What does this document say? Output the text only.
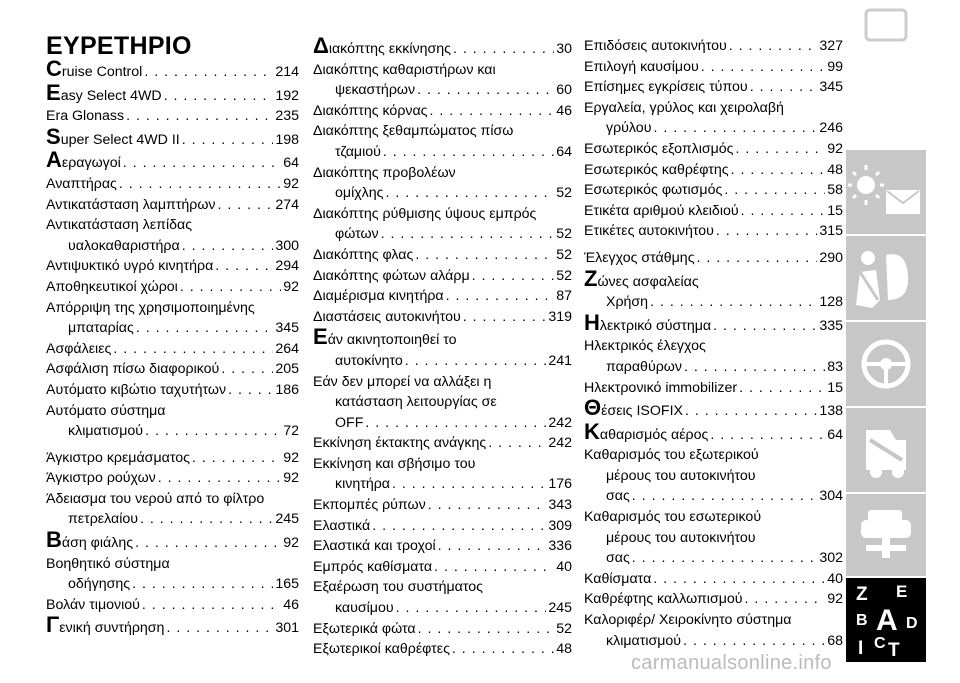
ΕΥΡΕΤΗΡΙΟ
Cruise Control . . .	214
Easy Select 4WD . . .	192
Era Glonass . . .	235
Super Select 4WD II . . .	198
Αεραγωγοί . . .	64
Αναπτήρας . . .	92
Αντικατάσταση λαμπτήρων . . .	274
Αντικατάσταση λεπίδας
υαλοκαθαριστήρα . . .	300
Αντιψυκτικό υγρό κινητήρα . . .	294
Αποθηκευτικοί χώροι . . .	92
Απόρριψη της χρησιμοποιημένης
μπαταρίας . . .	345
Ασφάλειες . . .	264
Ασφάλιση πίσω διαφορικού . . .	205
Αυτόματο κιβώτιο ταχυτήτων . . .	186
Αυτόματο σύστημα
κλιματισμού . . .	72
Άγκιστρο κρεμάσματος . . .	92
Άγκιστρο ρούχων . . .	92
Άδειασμα του νερού από το φίλτρο
πετρελαίου . . .	245
Βάση φιάλης . . .	92
Βοηθητικό σύστημα
οδήγησης . . .	165
Βολάν τιμονιού . . .	46
Γενική συντήρηση . . .	301
Διακόπτης εκκίνησης . . .	30
Διακόπτης καθαριστήρων και
ψεκαστήρων . . .	60
Διακόπτης κόρνας . . .	46
Διακόπτης ξεθαμπώματος πίσω
τζαμιού . . .	64
Διακόπτης προβολέων
ομίχλης . . .	52
Διακόπτης ρύθμισης ύψους εμπρός
φώτων . . .	52
Διακόπτης φλας . . .	52
Διακόπτης φώτων αλάρμ . . .	52
Διαμέρισμα κινητήρα . . .	87
Διαστάσεις αυτοκινήτου . . .	319
Ε άν ακινητοποιηθεί το
αυτοκίνητο . . .	241
Εάν δεν μπορεί να αλλάξει η
κατάσταση λειτουργίας σε
OFF . . .	242
Εκκίνηση έκτακτης ανάγκης . . .	242
Εκκίνηση και σβήσιμο του
κινητήρα . . .	176
Εκπομπές ρύπων . . .	343
Ελαστικά . . .	309
Ελαστικά και τροχοί . . .	336
Εμπρός καθίσματα . . .	40
Εξαέρωση του συστήματος
καυσίμου . . .	245
Εξωτερικά φώτα . . .	52
Εξωτερικοί καθρέφτες . . .	48
Επιδόσεις αυτοκινήτου . . .	327
Επιλογή καυσίμου . . .	99
Επίσημες εγκρίσεις τύπου . . .	345
Εργαλεία, γρύλος και χειρολαβή
γρύλου . . .	246
Εσωτερικός εξοπλισμός . . .	92
Εσωτερικός καθρέφτης . . .	48
Εσωτερικός φωτισμός . . .	58
Ετικέτα αριθμού κλειδιού . . .	15
Ετικέτες αυτοκινήτου . . .	315
Έλεγχος στάθμης . . .	290
Ζ ώνες ασφαλείας
Χρήση . . .	128
Ηλεκτρικό σύστημα . . .	335
Ηλεκτρικός έλεγχος
παραθύρων . . .	83
Ηλεκτρονικό immobilizer . . .	15
Θέσεις ISOFIX . . .	138
Καθαρισμός αέρος . . .	64
Καθαρισμός του εξωτερικού
μέρους του αυτοκινήτου
σας . . .	304
Καθαρισμός του εσωτερικού
μέρους του αυτοκινήτου
σας . . .	302
Καθίσματα . . .	40
Καθρέφτης καλλωπισμού . . .	92
Καλοριφέρ/ Χειροκίνητο σύστημα
κλιματισμού . . .	68
Z E
B A D
C T
I
carmanualsonline.info
